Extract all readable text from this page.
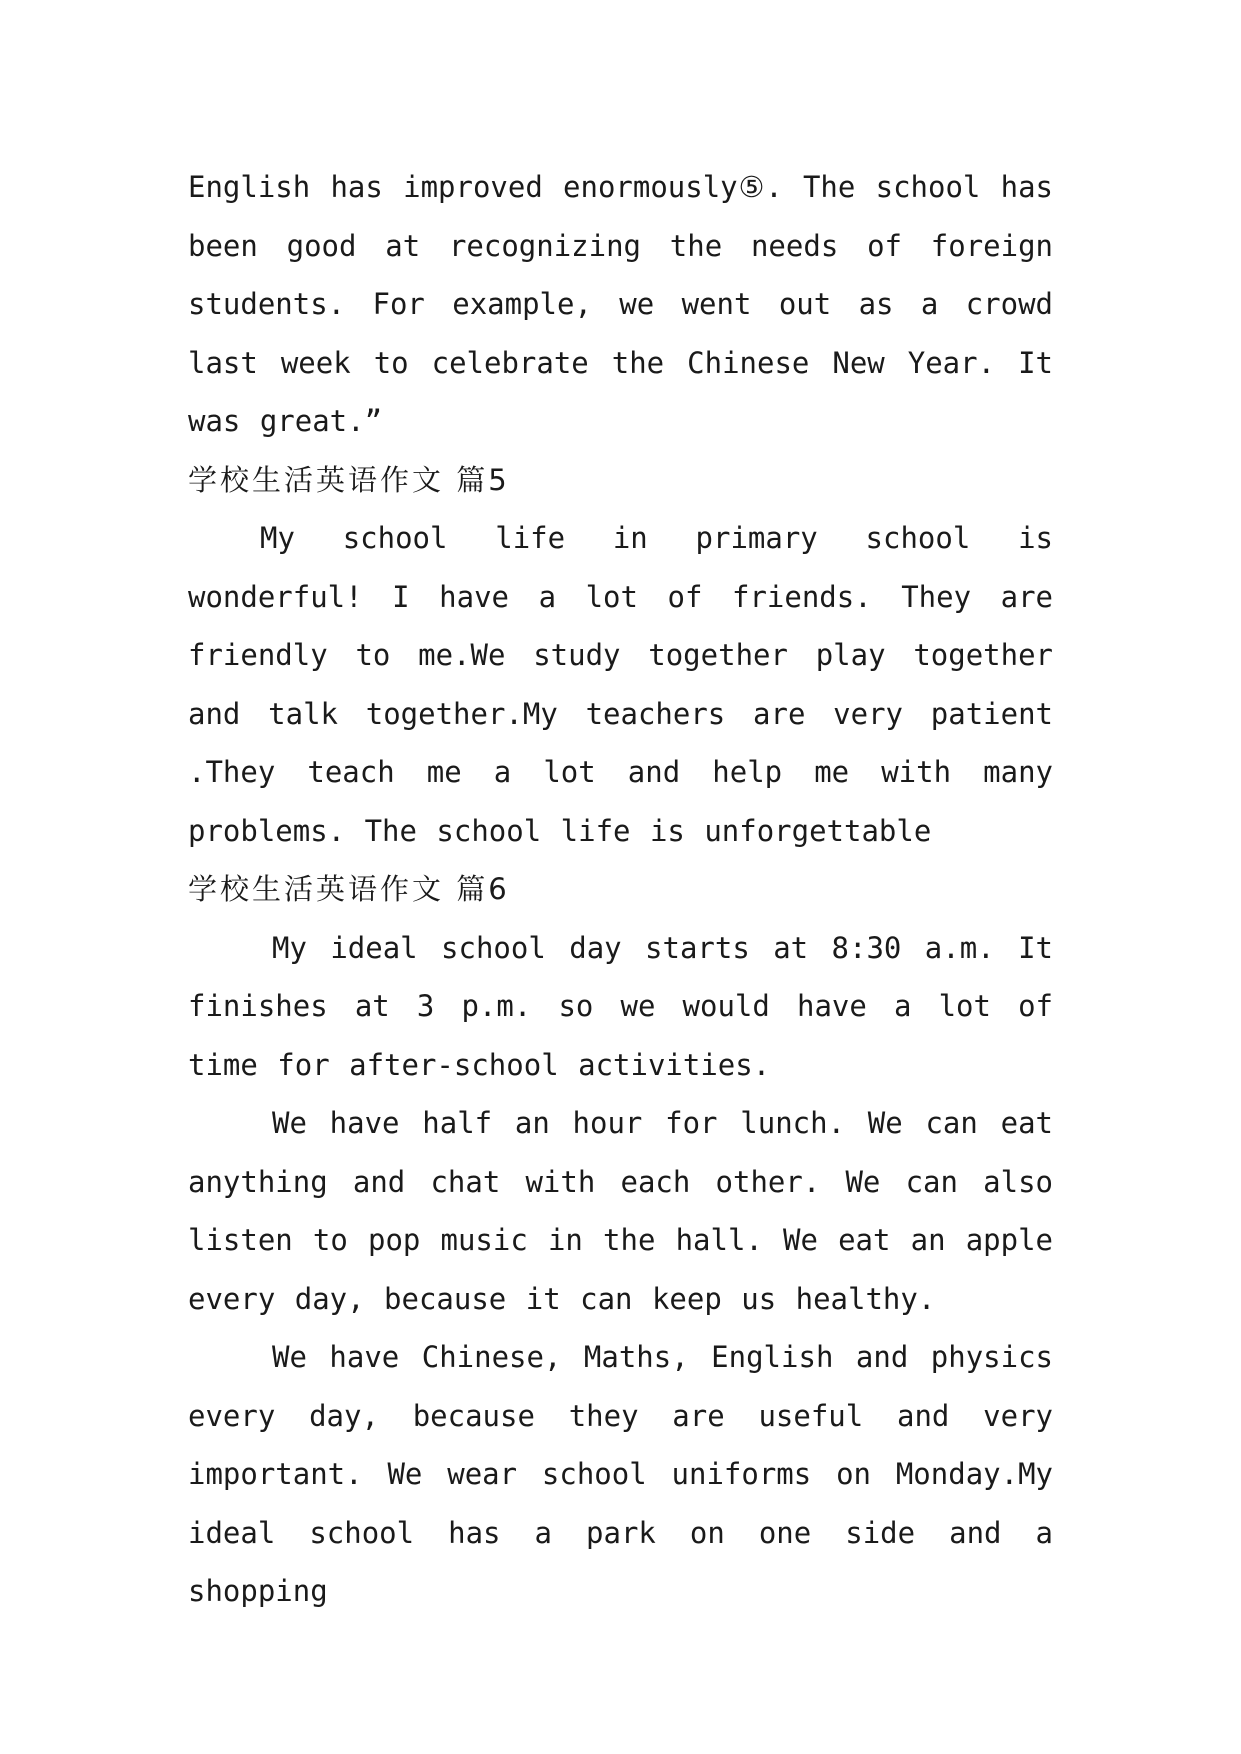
English has improved enormously⑤. The school has been good at recognizing the needs of foreign students. For example, we went out as a crowd last week to celebrate the Chinese New Year. It was great.”

学校生活英语作文 篇5

My school life in primary school is wonderful! I have a lot of friends. They are friendly to me.We study together play together and talk together.My teachers are very patient .They teach me a lot and help me with many problems. The school life is unforgettable

学校生活英语作文 篇6

My ideal school day starts at 8:30 a.m. It finishes at 3 p.m. so we would have a lot of time for after-school activities.

We have half an hour for lunch. We can eat anything and chat with each other. We can also listen to pop music in the hall. We eat an apple every day, because it can keep us healthy.

We have Chinese, Maths, English and physics every day, because they are useful and very important. We wear school uniforms on Monday.My ideal school has a park on one side and a shopping
